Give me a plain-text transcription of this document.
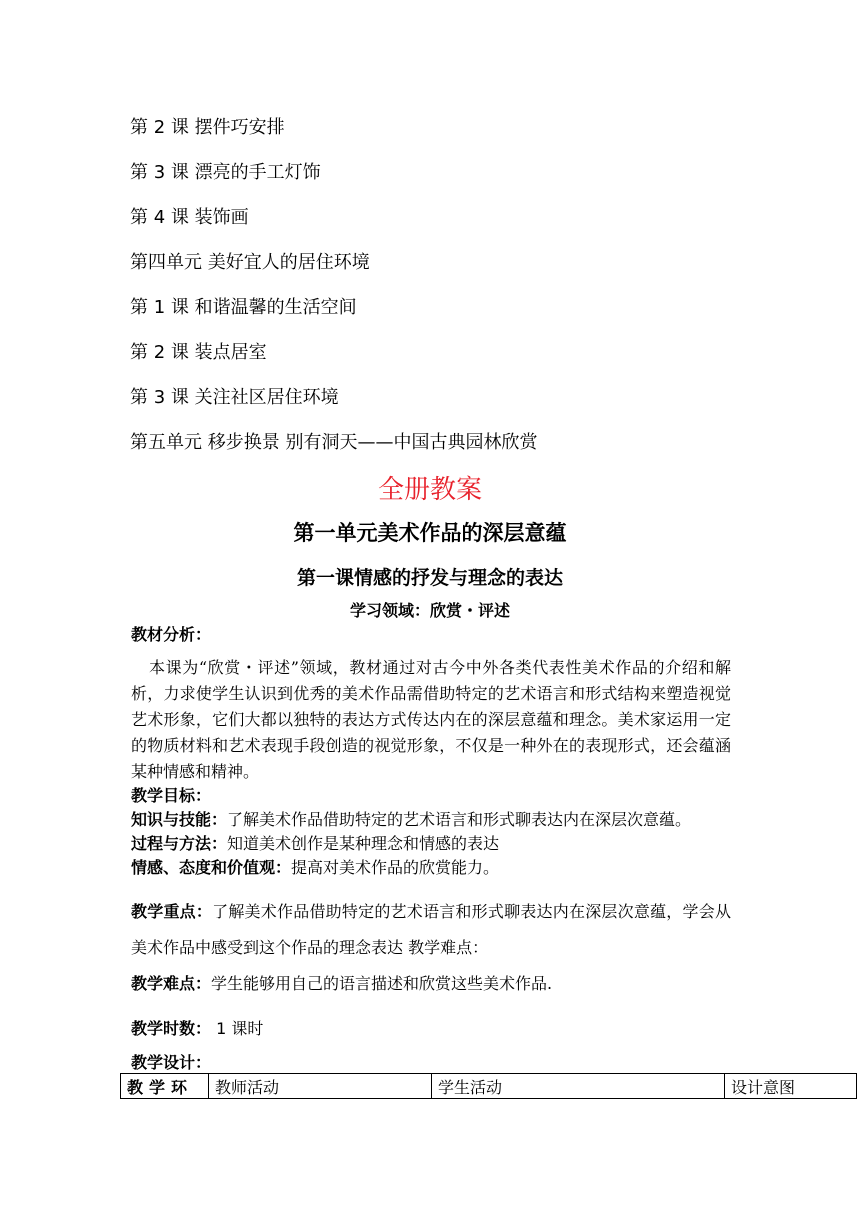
第 2 课 摆件巧安排
第 3 课 漂亮的手工灯饰
第 4 课 装饰画
第四单元 美好宜人的居住环境
第 1 课 和谐温馨的生活空间
第 2 课 装点居室
第 3 课 关注社区居住环境
第五单元 移步换景 别有洞天——中国古典园林欣赏
全册教案
第一单元美术作品的深层意蕴
第一课情感的抒发与理念的表达
学习领域：欣赏・评述
教材分析：
本课为“欣赏・评述”领域，教材通过对古今中外各类代表性美术作品的介绍和解析，力求使学生认识到优秀的美术作品需借助特定的艺术语言和形式结构来塑造视觉艺术形象，它们大都以独特的表达方式传达内在的深层意蕴和理念。美术家运用一定的物质材料和艺术表现手段创造的视觉形象，不仅是一种外在的表现形式，还会蕴涵某种情感和精神。
教学目标：
知识与技能：了解美术作品借助特定的艺术语言和形式聊表达内在深层次意蕴。
过程与方法：知道美术创作是某种理念和情感的表达
情感、态度和价值观：提高对美术作品的欣赏能力。
教学重点：了解美术作品借助特定的艺术语言和形式聊表达内在深层次意蕴，学会从美术作品中感受到这个作品的理念表达 教学难点：
教学难点：学生能够用自己的语言描述和欣赏这些美术作品.
教学时数： 1 课时
教学设计：
教学环	教师活动	学生活动	设计意图
